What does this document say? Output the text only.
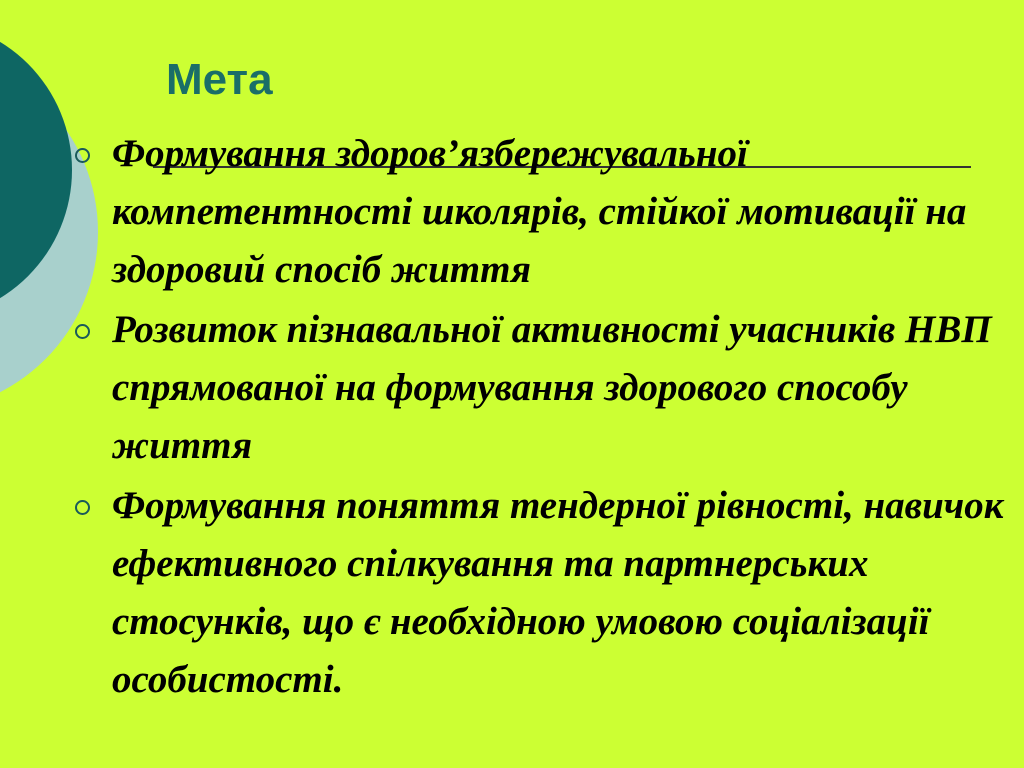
Мета
Формування здоров’язбережувальної компетентності школярів, стійкої мотивації на здоровий спосіб життя
Розвиток пізнавальної активності учасників НВП спрямованої на формування здорового способу життя
Формування поняття тендерної рівності, навичок ефективного спілкування та партнерських стосунків, що є необхідною умовою соціалізації особистості.
